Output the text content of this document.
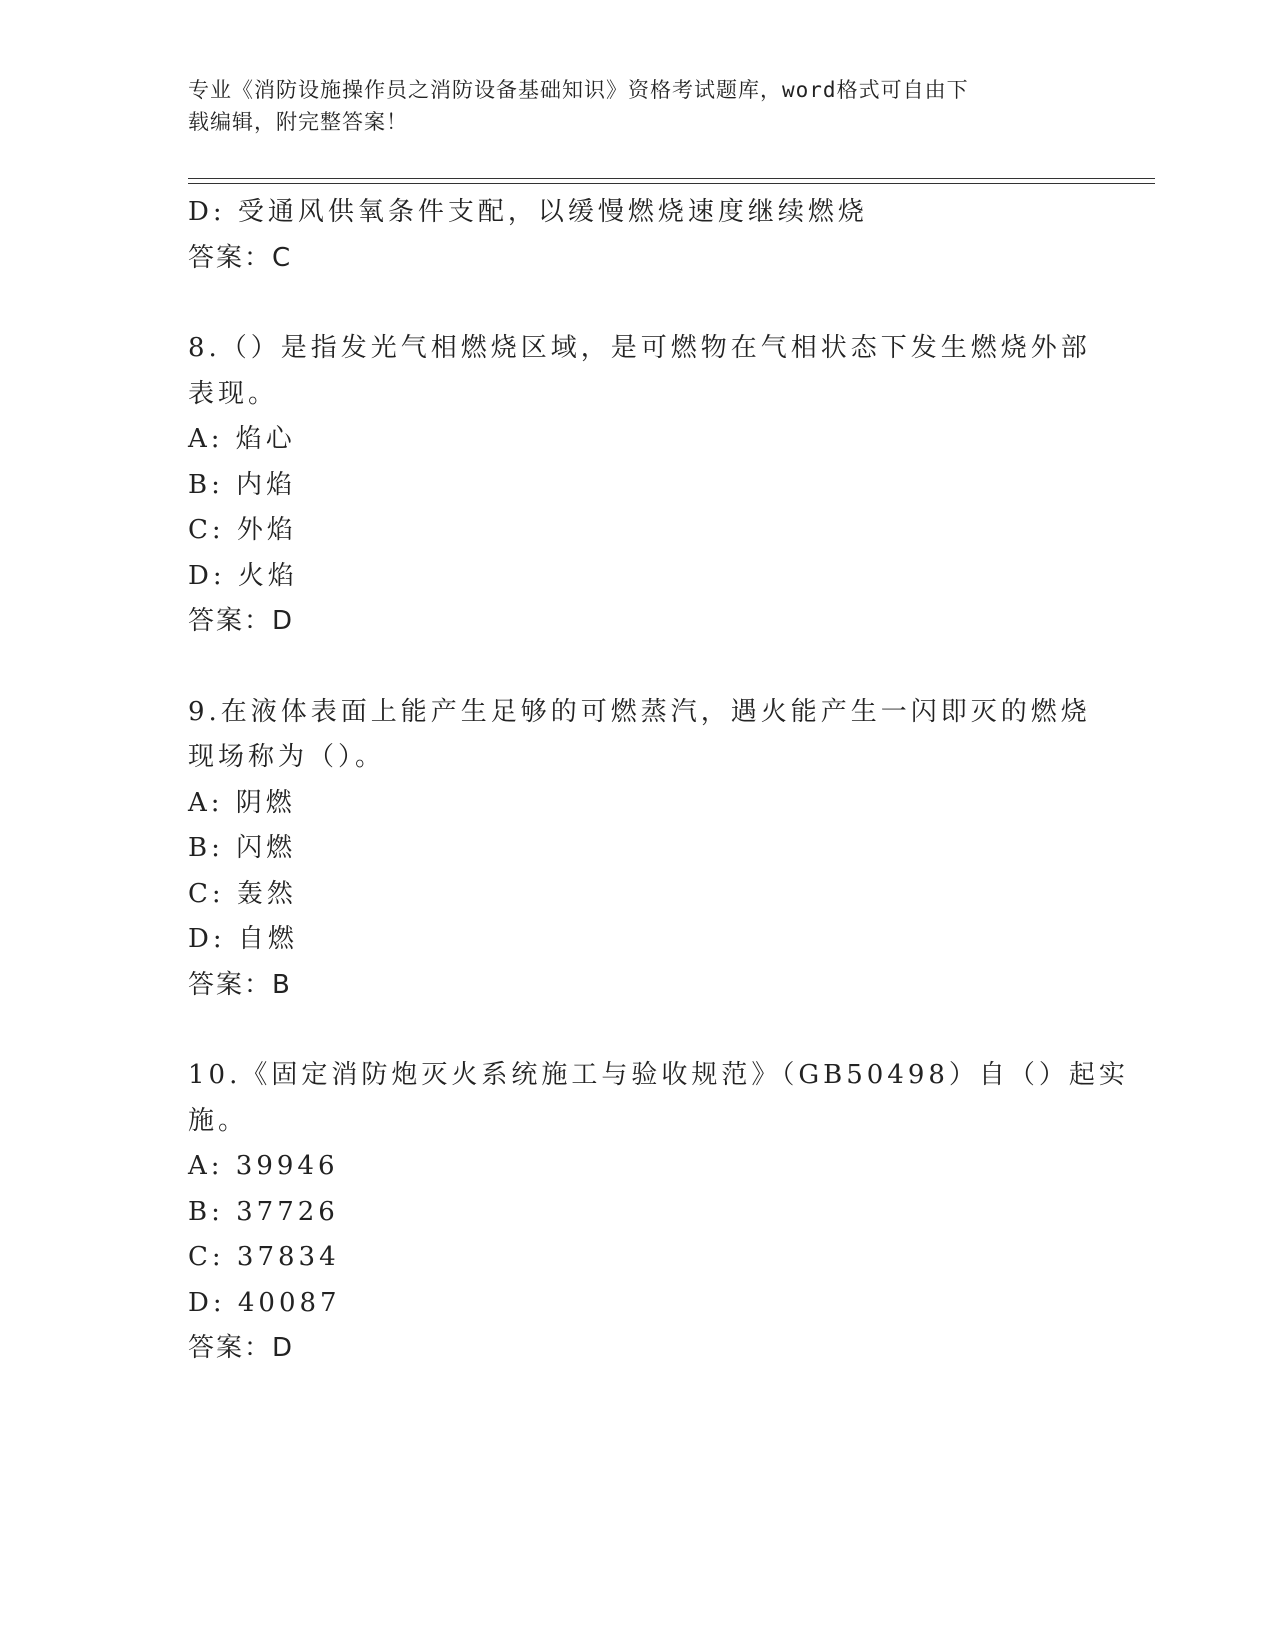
专业《消防设施操作员之消防设备基础知识》资格考试题库，word格式可自由下
载编辑，附完整答案！
D: 受通风供氧条件支配，以缓慢燃烧速度继续燃烧
答案：C
8.（）是指发光气相燃烧区域，是可燃物在气相状态下发生燃烧外部
表现。
A: 焰心
B: 内焰
C: 外焰
D: 火焰
答案：D
9.在液体表面上能产生足够的可燃蒸汽，遇火能产生一闪即灭的燃烧
现场称为（）。
A: 阴燃
B: 闪燃
C: 轰然
D: 自燃
答案：B
10.《固定消防炮灭火系统施工与验收规范》（GB50498）自（）起实
施。
A: 39946
B: 37726
C: 37834
D: 40087
答案：D
